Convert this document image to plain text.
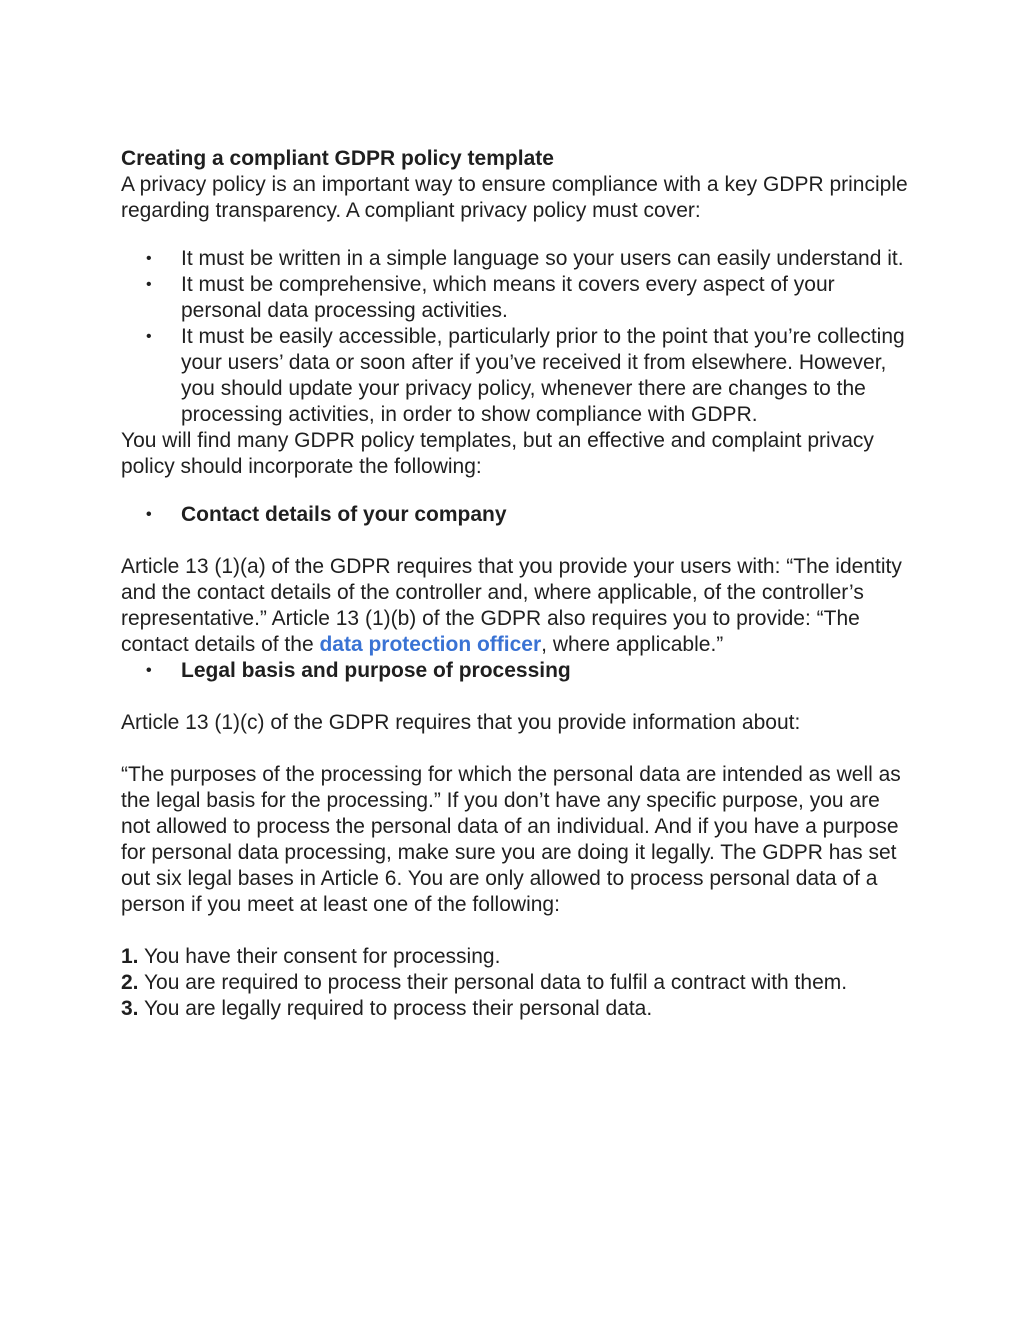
Creating a compliant GDPR policy template

A privacy policy is an important way to ensure compliance with a key GDPR principle regarding transparency. A compliant privacy policy must cover:

• It must be written in a simple language so your users can easily understand it.
• It must be comprehensive, which means it covers every aspect of your personal data processing activities.
• It must be easily accessible, particularly prior to the point that you’re collecting your users’ data or soon after if you’ve received it from elsewhere. However, you should update your privacy policy, whenever there are changes to the processing activities, in order to show compliance with GDPR.

You will find many GDPR policy templates, but an effective and complaint privacy policy should incorporate the following:

• Contact details of your company

Article 13 (1)(a) of the GDPR requires that you provide your users with: “The identity and the contact details of the controller and, where applicable, of the controller’s representative.” Article 13 (1)(b) of the GDPR also requires you to provide: “The contact details of the data protection officer, where applicable.”

• Legal basis and purpose of processing

Article 13 (1)(c) of the GDPR requires that you provide information about:

“The purposes of the processing for which the personal data are intended as well as the legal basis for the processing.” If you don’t have any specific purpose, you are not allowed to process the personal data of an individual. And if you have a purpose for personal data processing, make sure you are doing it legally. The GDPR has set out six legal bases in Article 6. You are only allowed to process personal data of a person if you meet at least one of the following:

1. You have their consent for processing.

2. You are required to process their personal data to fulfil a contract with them.

3. You are legally required to process their personal data.
